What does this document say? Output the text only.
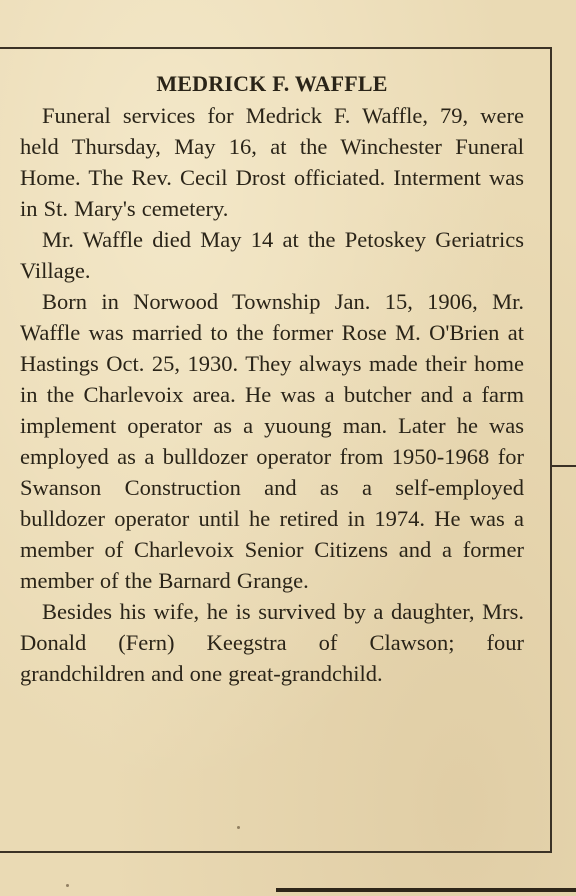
MEDRICK F. WAFFLE

Funeral services for Medrick F. Waffle, 79, were held Thursday, May 16, at the Winchester Funeral Home. The Rev. Cecil Drost officiated. Interment was in St. Mary's cemetery.

Mr. Waffle died May 14 at the Petoskey Geriatrics Village.

Born in Norwood Township Jan. 15, 1906, Mr. Waffle was married to the former Rose M. O'Brien at Hastings Oct. 25, 1930. They always made their home in the Charlevoix area. He was a butcher and a farm implement operator as a yuoung man. Later he was employed as a bulldozer operator from 1950-1968 for Swanson Construction and as a self-employed bulldozer operator until he retired in 1974. He was a member of Charlevoix Senior Citizens and a former member of the Barnard Grange.

Besides his wife, he is survived by a daughter, Mrs. Donald (Fern) Keegstra of Clawson; four grandchildren and one great-grandchild.
